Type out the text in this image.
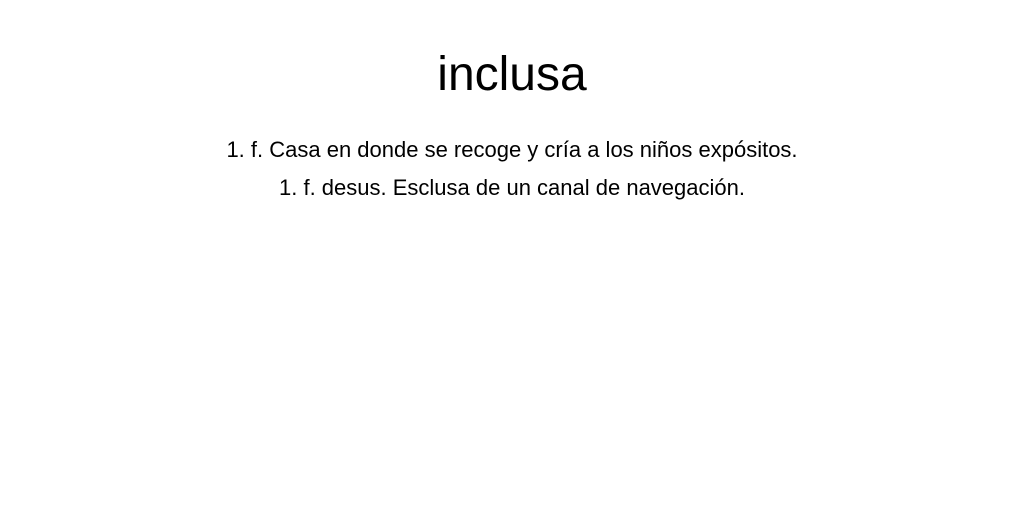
inclusa
1. f. Casa en donde se recoge y cría a los niños expósitos.
1. f. desus. Esclusa de un canal de navegación.
